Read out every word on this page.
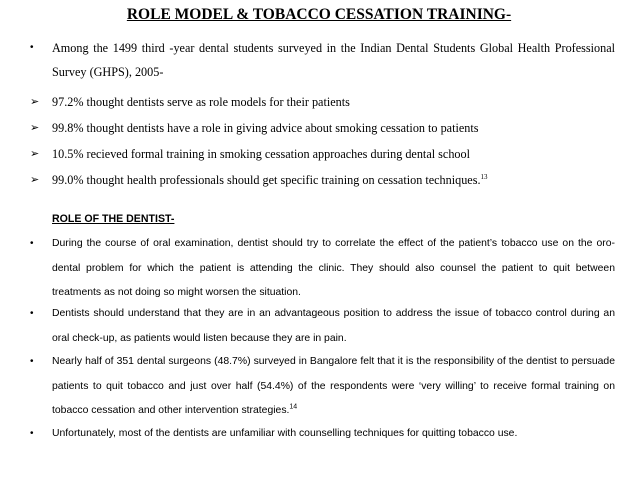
ROLE MODEL & TOBACCO CESSATION TRAINING-
• Among the 1499 third -year dental students surveyed in the Indian Dental Students Global Health Professional Survey (GHPS), 2005-
➢ 97.2% thought dentists serve as role models for their patients
➢ 99.8% thought dentists have a role in giving advice about smoking cessation to patients
➢ 10.5% recieved formal training in smoking cessation approaches during dental school
➢ 99.0% thought health professionals should get specific training on cessation techniques.$^{13}$
ROLE OF THE DENTIST-
• During the course of oral examination, dentist should try to correlate the effect of the patient’s tobacco use on the oro-dental problem for which the patient is attending the clinic. They should also counsel the patient to quit between treatments as not doing so might worsen the situation.
• Dentists should understand that they are in an advantageous position to address the issue of tobacco control during an oral check-up, as patients would listen because they are in pain.
• Nearly half of 351 dental surgeons (48.7%) surveyed in Bangalore felt that it is the responsibility of the dentist to persuade patients to quit tobacco and just over half (54.4%) of the respondents were ‘very willing’ to receive formal training on tobacco cessation and other intervention strategies.$^{14}$
• Unfortunately, most of the dentists are unfamiliar with counselling techniques for quitting tobacco use.
